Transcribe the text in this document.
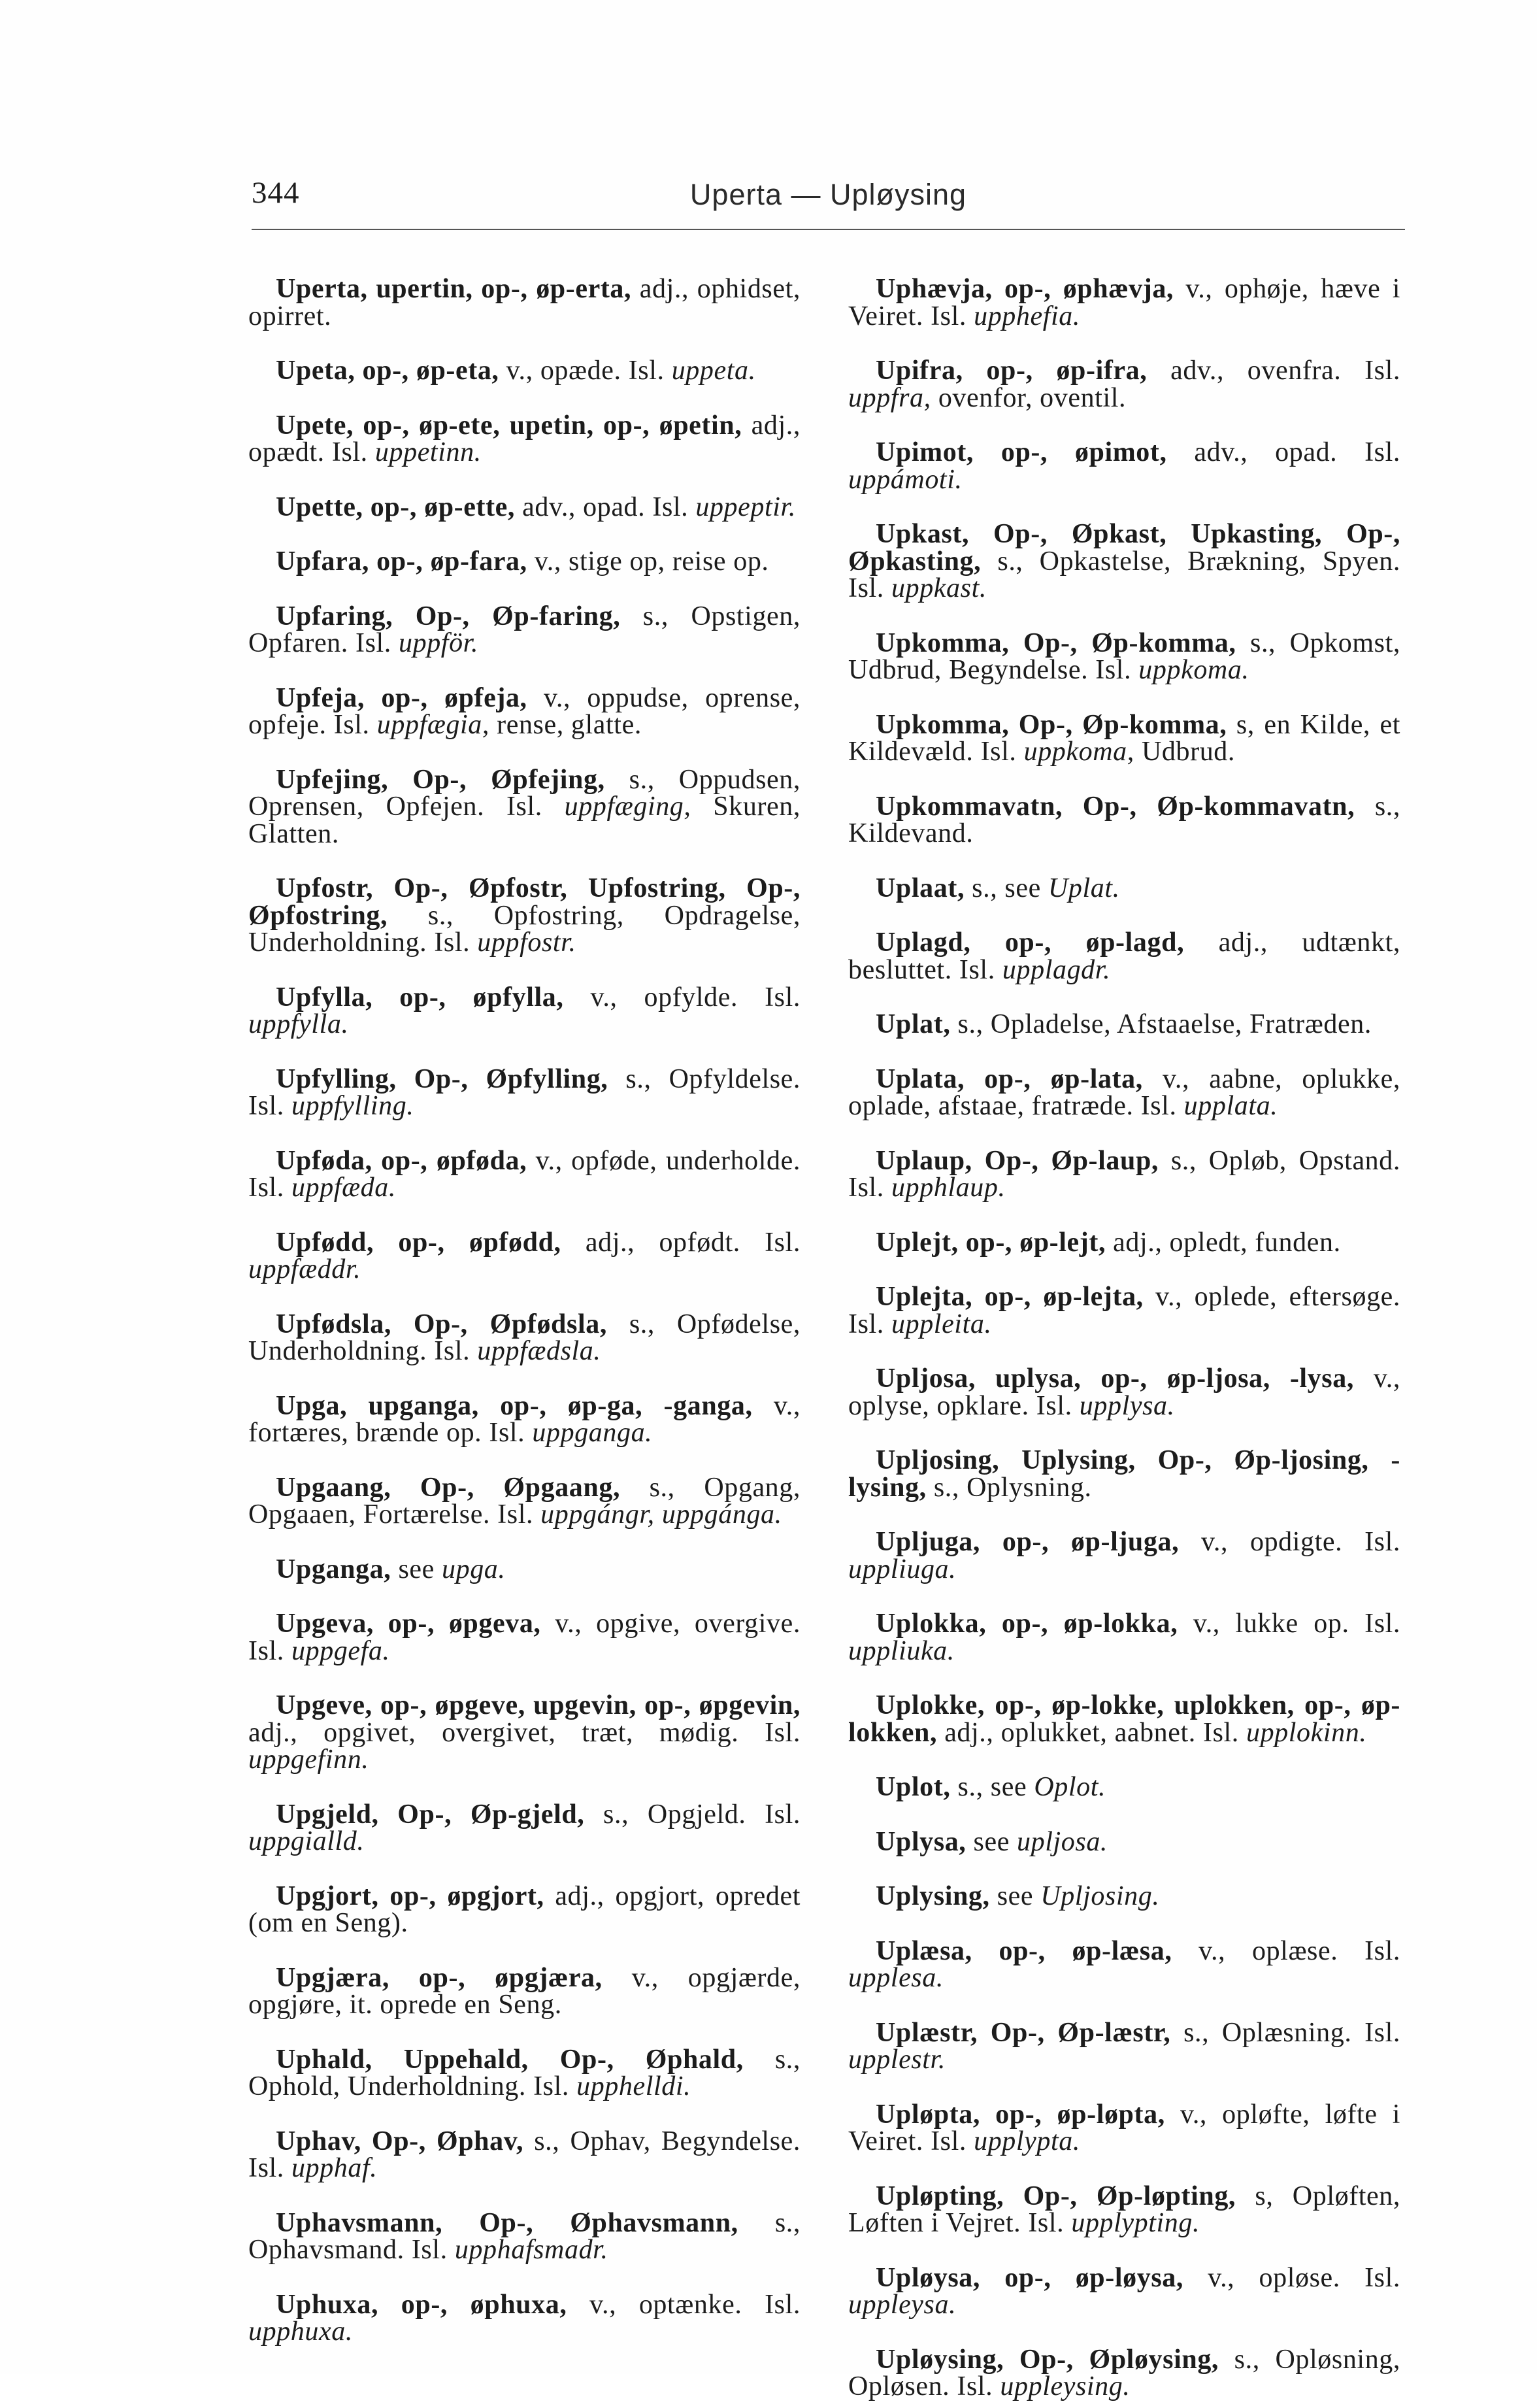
344	Uperta — Upløysing

Uperta, upertin, op-, øp-erta, adj., ophidset, opirret.

Upeta, op-, øp-eta, v., opæde. Isl. uppeta.

Upete, op-, øp-ete, upetin, op-, øpetin, adj., opædt. Isl. uppetinn.

Upette, op-, øp-ette, adv., opad. Isl. uppeptir.

Upfara, op-, øp-fara, v., stige op, reise op.

Upfaring, Op-, Øp-faring, s., Opstigen, Opfaren. Isl. uppför.

Upfeja, op-, øpfeja, v., oppudse, oprense, opfeje. Isl. uppfægia, rense, glatte.

Upfejing, Op-, Øpfejing, s., Oppudsen, Oprensen, Opfejen. Isl. uppfæging, Skuren, Glatten.

Upfostr, Op-, Øpfostr, Upfostring, Op-, Øpfostring, s., Opfostring, Opdragelse, Underholdning. Isl. uppfostr.

Upfylla, op-, øpfylla, v., opfylde. Isl. uppfylla.

Upfylling, Op-, Øpfylling, s., Opfyldelse. Isl. uppfylling.

Upføda, op-, øpføda, v., opføde, underholde. Isl. uppfæda.

Upfødd, op-, øpfødd, adj., opfødt. Isl. uppfæddr.

Upfødsla, Op-, Øpfødsla, s., Opfødelse, Underholdning. Isl. uppfædsla.

Upga, upganga, op-, øp-ga, -ganga, v., fortæres, brænde op. Isl. uppganga.

Upgaang, Op-, Øpgaang, s., Opgang, Opgaaen, Fortærelse. Isl. uppgángr, uppgánga.

Upganga, see upga.

Upgeva, op-, øpgeva, v., opgive, overgive. Isl. uppgefa.

Upgeve, op-, øpgeve, upgevin, op-, øpgevin, adj., opgivet, overgivet, træt, mødig. Isl. uppgefinn.

Upgjeld, Op-, Øp-gjeld, s., Opgjeld. Isl. uppgialld.

Upgjort, op-, øpgjort, adj., opgjort, opredet (om en Seng).

Upgjæra, op-, øpgjæra, v., opgjærde, opgjøre, it. oprede en Seng.

Uphald, Uppehald, Op-, Øphald, s., Ophold, Underholdning. Isl. upphelldi.

Uphav, Op-, Øphav, s., Ophav, Begyndelse. Isl. upphaf.

Uphavsmann, Op-, Øphavsmann, s., Ophavsmand. Isl. upphafsmadr.

Uphuxa, op-, øphuxa, v., optænke. Isl. upphuxa.

Uphævja, op-, øphævja, v., ophøje, hæve i Veiret. Isl. upphefia.

Upifra, op-, øp-ifra, adv., ovenfra. Isl. uppfra, ovenfor, oventil.

Upimot, op-, øpimot, adv., opad. Isl. uppámoti.

Upkast, Op-, Øpkast, Upkasting, Op-, Øpkasting, s., Opkastelse, Brækning, Spyen. Isl. uppkast.

Upkomma, Op-, Øp-komma, s., Opkomst, Udbrud, Begyndelse. Isl. uppkoma.

Upkomma, Op-, Øp-komma, s, en Kilde, et Kildevæld. Isl. uppkoma, Udbrud.

Upkommavatn, Op-, Øp-kommavatn, s., Kildevand.

Uplaat, s., see Uplat.

Uplagd, op-, øp-lagd, adj., udtænkt, besluttet. Isl. upplagdr.

Uplat, s., Opladelse, Afstaaelse, Fratræden.

Uplata, op-, øp-lata, v., aabne, oplukke, oplade, afstaae, fratræde. Isl. upplata.

Uplaup, Op-, Øp-laup, s., Opløb, Opstand. Isl. upphlaup.

Uplejt, op-, øp-lejt, adj., opledt, funden.

Uplejta, op-, øp-lejta, v., oplede, eftersøge. Isl. uppleita.

Upljosa, uplysa, op-, øp-ljosa, -lysa, v., oplyse, opklare. Isl. upplysa.

Upljosing, Uplysing, Op-, Øp-ljosing, -lysing, s., Oplysning.

Upljuga, op-, øp-ljuga, v., opdigte. Isl. uppliuga.

Uplokka, op-, øp-lokka, v., lukke op. Isl. uppliuka.

Uplokke, op-, øp-lokke, uplokken, op-, øp-lokken, adj., oplukket, aabnet. Isl. upplokinn.

Uplot, s., see Oplot.

Uplysa, see upljosa.

Uplysing, see Upljosing.

Uplæsa, op-, øp-læsa, v., oplæse. Isl. upplesa.

Uplæstr, Op-, Øp-læstr, s., Oplæsning. Isl. upplestr.

Upløpta, op-, øp-løpta, v., opløfte, løfte i Veiret. Isl. upplypta.

Upløpting, Op-, Øp-løpting, s, Opløften, Løften i Vejret. Isl. upplypting.

Upløysa, op-, øp-løysa, v., opløse. Isl. uppleysa.

Upløysing, Op-, Øpløysing, s., Opløsning, Opløsen. Isl. uppleysing.
